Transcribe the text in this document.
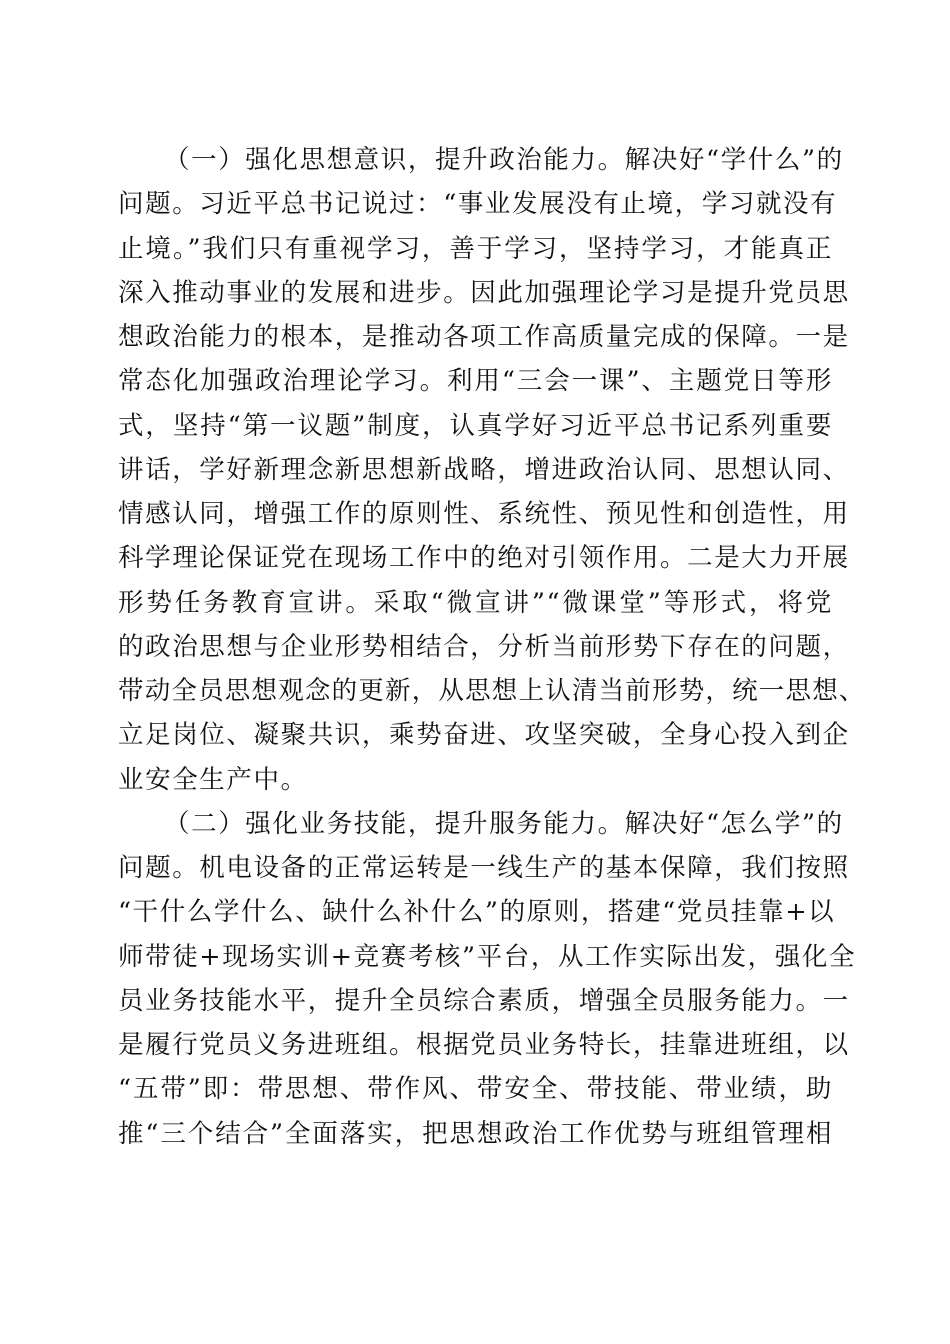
（一）强化思想意识，提升政治能力。解决好“学什么”的
问题。习近平总书记说过：“事业发展没有止境，学习就没有
止境。”我们只有重视学习，善于学习，坚持学习，才能真正
深入推动事业的发展和进步。因此加强理论学习是提升党员思
想政治能力的根本，是推动各项工作高质量完成的保障。一是
常态化加强政治理论学习。利用“三会一课”、主题党日等形
式，坚持“第一议题”制度，认真学好习近平总书记系列重要
讲话，学好新理念新思想新战略，增进政治认同、思想认同、
情感认同，增强工作的原则性、系统性、预见性和创造性，用
科学理论保证党在现场工作中的绝对引领作用。二是大力开展
形势任务教育宣讲。采取“微宣讲”“微课堂”等形式，将党
的政治思想与企业形势相结合，分析当前形势下存在的问题，
带动全员思想观念的更新，从思想上认清当前形势，统一思想、
立足岗位、凝聚共识，乘势奋进、攻坚突破，全身心投入到企
业安全生产中。
（二）强化业务技能，提升服务能力。解决好“怎么学”的
问题。机电设备的正常运转是一线生产的基本保障，我们按照
“干什么学什么、缺什么补什么”的原则，搭建“党员挂靠+以
师带徒+现场实训+竞赛考核”平台，从工作实际出发，强化全
员业务技能水平，提升全员综合素质，增强全员服务能力。一
是履行党员义务进班组。根据党员业务特长，挂靠进班组，以
“五带”即：带思想、带作风、带安全、带技能、带业绩，助
推“三个结合”全面落实，把思想政治工作优势与班组管理相
